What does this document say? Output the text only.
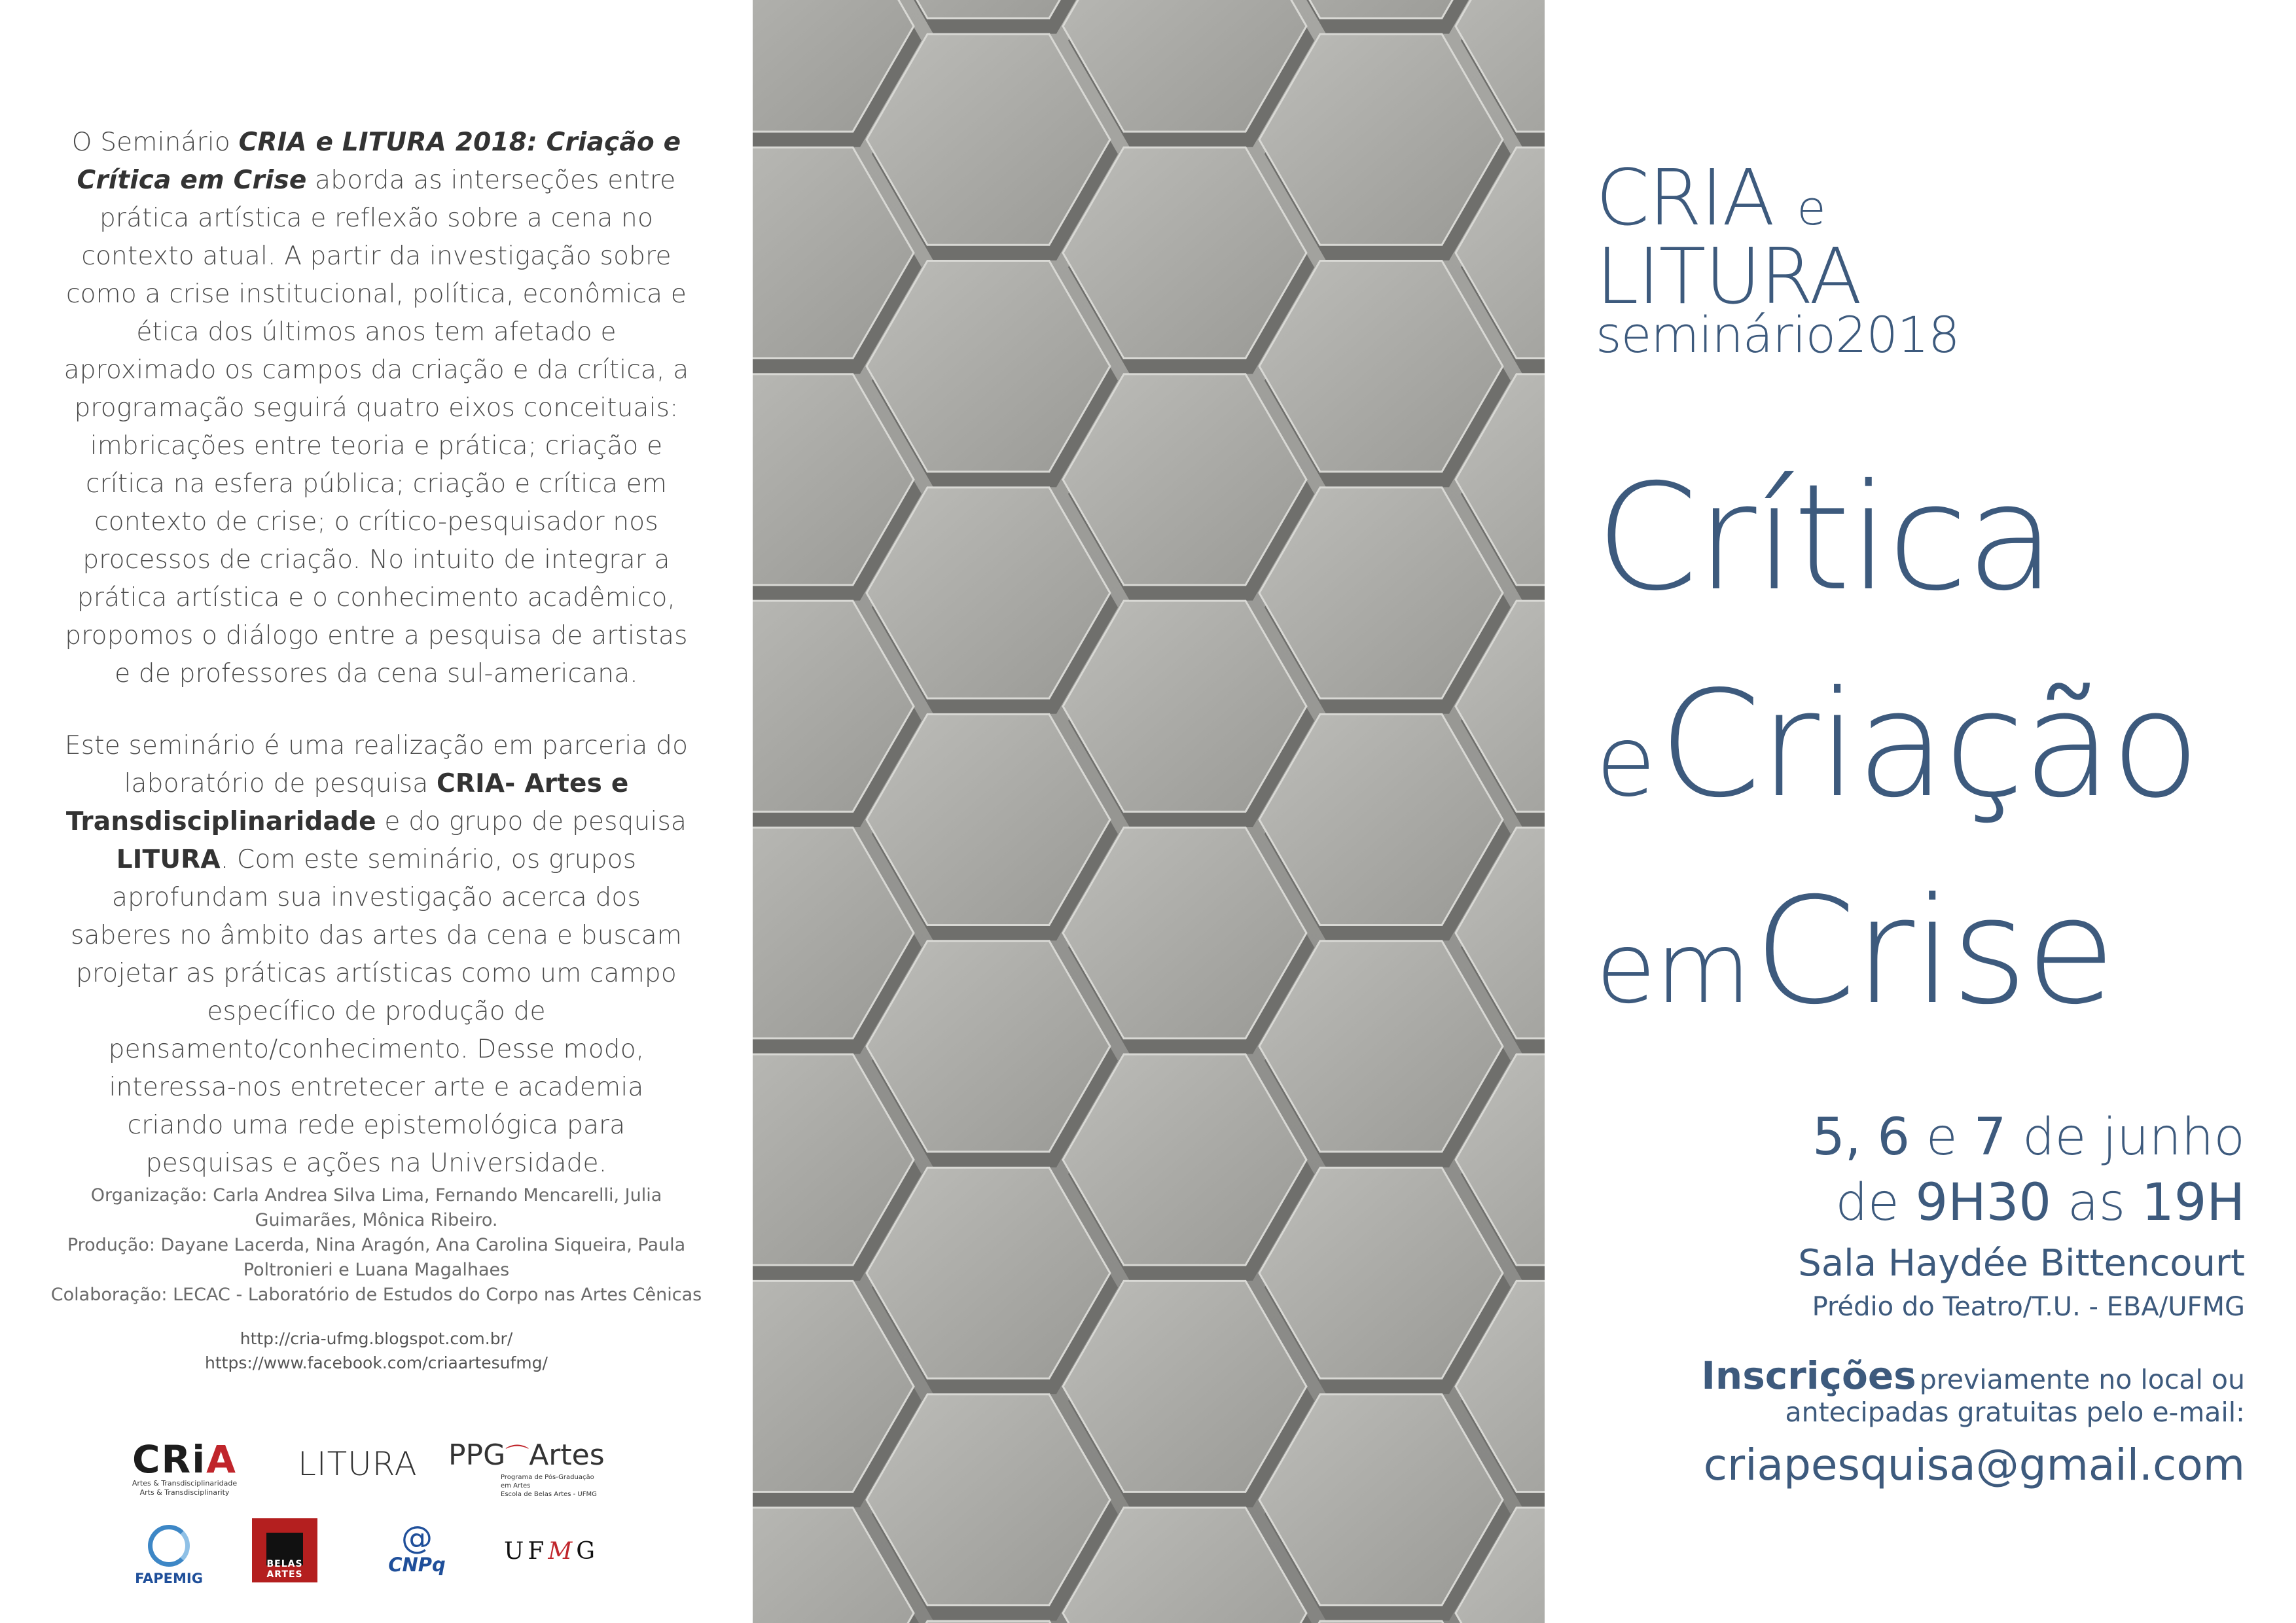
O Seminário CRIA e LITURA 2018: Criação e Crítica em Crise aborda as interseções entre prática artística e reflexão sobre a cena no contexto atual. A partir da investigação sobre como a crise institucional, política, econômica e ética dos últimos anos tem afetado e aproximado os campos da criação e da crítica, a programação seguirá quatro eixos conceituais: imbricações entre teoria e prática; criação e crítica na esfera pública; criação e crítica em contexto de crise; o crítico-pesquisador nos processos de criação. No intuito de integrar a prática artística e o conhecimento acadêmico, propomos o diálogo entre a pesquisa de artistas e de professores da cena sul-americana.

Este seminário é uma realização em parceria do laboratório de pesquisa CRIA- Artes e Transdisciplinaridade e do grupo de pesquisa LITURA. Com este seminário, os grupos aprofundam sua investigação acerca dos saberes no âmbito das artes da cena e buscam projetar as práticas artísticas como um campo específico de produção de pensamento/conhecimento. Desse modo, interessa-nos entretecer arte e academia criando uma rede epistemológica para pesquisas e ações na Universidade.

Organização: Carla Andrea Silva Lima, Fernando Mencarelli, Julia Guimarães, Mônica Ribeiro.
Produção: Dayane Lacerda, Nina Aragón, Ana Carolina Siqueira, Paula Poltronieri e Luana Magalhaes
Colaboração: LECAC - Laboratório de Estudos do Corpo nas Artes Cênicas
http://cria-ufmg.blogspot.com.br/
https://www.facebook.com/criaartesufmg/
CRiA
Artes & Transdisciplinaridade
Arts & Transdisciplinarity
LITURA PPG⌒Artes
Programa de Pós-Graduação em Artes
Escola de Belas Artes - UFMG
FAPEMIG
BELAS ARTES
@
CNPq	UFMG
CRIA e
LITURA
seminário2018
Crítica
e Criação
em Crise
5, 6 e 7 de junho
de 9H30 as 19H
Sala Haydée Bittencourt
Prédio do Teatro/T.U. - EBA/UFMG
Inscrições previamente no local ou
antecipadas gratuitas pelo e-mail:
criapesquisa@gmail.com
